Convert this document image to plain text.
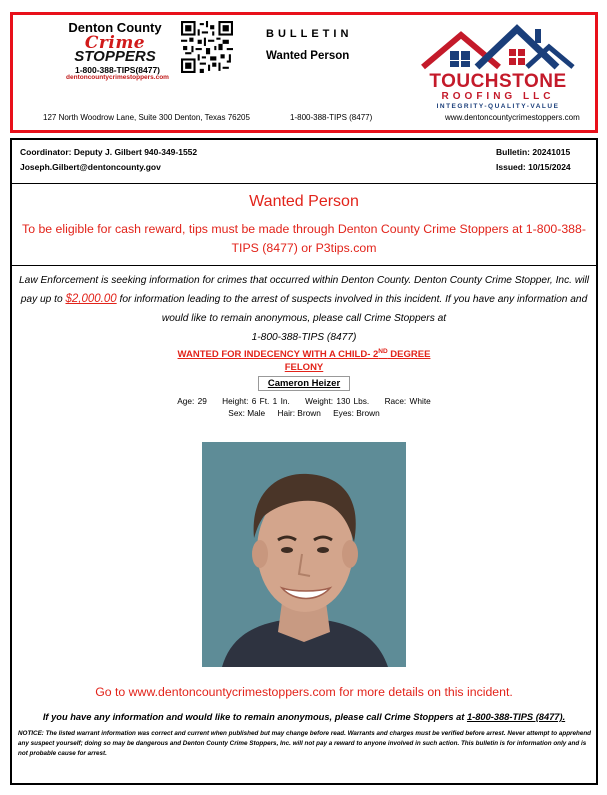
Denton County
Crime
STOPPERS
1-800-388-TIPS(8477)
dentoncountycrimestoppers.com
BULLETIN
Wanted Person
TOUCHSTONE
ROOFING LLC
INTEGRITY-QUALITY-VALUE
127 North Woodrow Lane, Suite 300 Denton, Texas 76205	1-800-388-TIPS (8477)	www.dentoncountycrimestoppers.com
Coordinator: Deputy J. Gilbert 940-349-1552
Joseph.Gilbert@dentoncounty.gov
Bulletin: 20241015
Issued: 10/15/2024
Wanted Person
To be eligible for cash reward, tips must be made through Denton County Crime Stoppers at 1-800-388-TIPS (8477) or P3tips.com
Law Enforcement is seeking information for crimes that occurred within Denton County. Denton County Crime Stopper, Inc. will pay up to $2,000.00 for information leading to the arrest of suspects involved in this incident. If you have any information and would like to remain anonymous, please call Crime Stoppers at
1-800-388-TIPS (8477)
WANTED FOR INDECENCY WITH A CHILD- 2ND DEGREE
FELONY
Cameron Heizer
Age: 29 Height: 6 Ft. 1 In. Weight: 130 Lbs. Race: White
Sex: Male Hair: Brown Eyes: Brown
Go to www.dentoncountycrimestoppers.com for more details on this incident.
If you have any information and would like to remain anonymous, please call Crime Stoppers at 1-800-388-TIPS (8477).
NOTICE: The listed warrant information was correct and current when published but may change before read. Warrants and charges must be verified before arrest. Never attempt to apprehend any suspect yourself; doing so may be dangerous and Denton County Crime Stoppers, Inc. will not pay a reward to anyone involved in such action. This bulletin is for information only and is not probable cause for arrest.
